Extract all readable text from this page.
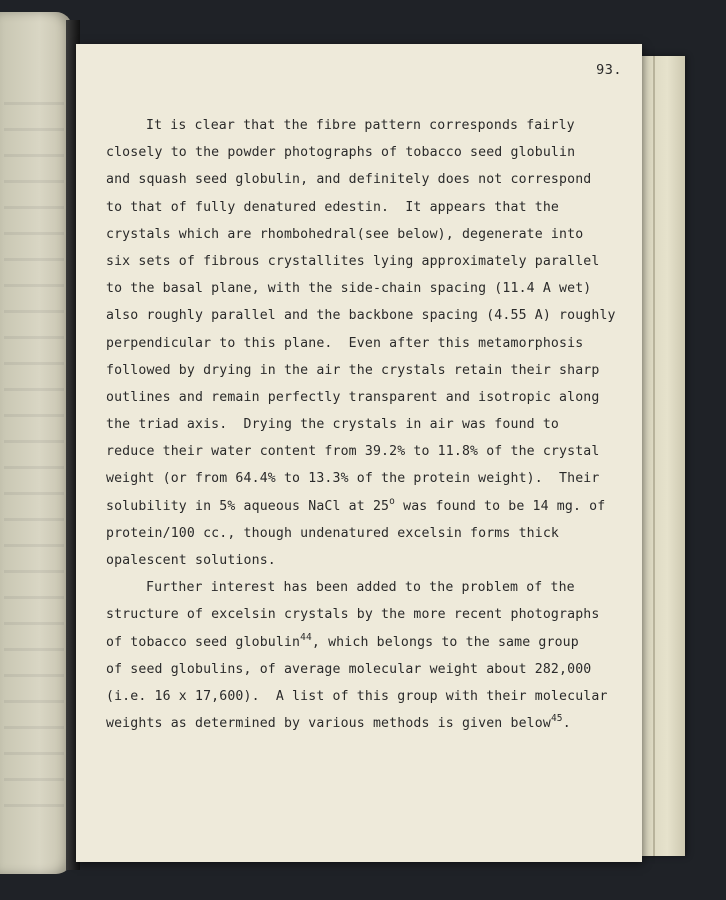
93.
It is clear that the fibre pattern corresponds fairly
closely to the powder photographs of tobacco seed globulin
and squash seed globulin, and definitely does not correspond
to that of fully denatured edestin.  It appears that the
crystals which are rhombohedral(see below), degenerate into
six sets of fibrous crystallites lying approximately parallel
to the basal plane, with the side-chain spacing (11.4 A wet)
also roughly parallel and the backbone spacing (4.55 A) roughly
perpendicular to this plane.  Even after this metamorphosis
followed by drying in the air the crystals retain their sharp
outlines and remain perfectly transparent and isotropic along
the triad axis.  Drying the crystals in air was found to
reduce their water content from 39.2% to 11.8% of the crystal
weight (or from 64.4% to 13.3% of the protein weight).  Their
solubility in 5% aqueous NaCl at 25$^o$ was found to be 14 mg. of
protein/100 cc., though undenatured excelsin forms thick
opalescent solutions.
Further interest has been added to the problem of the
structure of excelsin crystals by the more recent photographs
of tobacco seed globulin$^{44}$, which belongs to the same group
of seed globulins, of average molecular weight about 282,000
(i.e. 16 x 17,600).  A list of this group with their molecular
weights as determined by various methods is given below$^{45}$.
